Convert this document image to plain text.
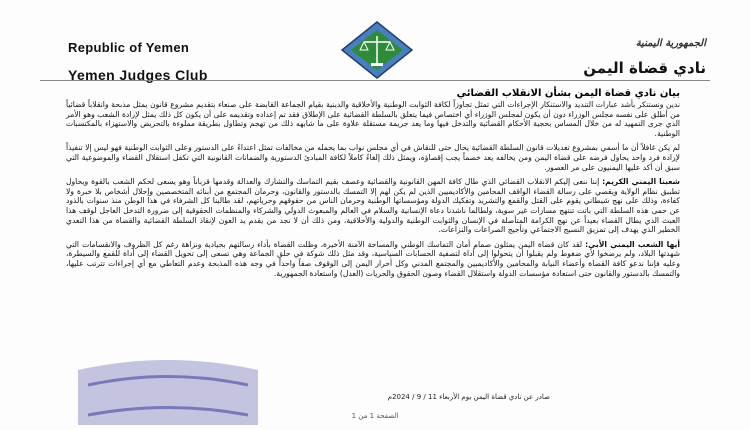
Republic of Yemen
Yemen Judges Club
الجمهورية اليمنية
نادي قضاة اليمن
بيان نادي قضاة اليمن بشأن الانقلاب القضائي

ندين ونستنكر بأشد عبارات التنديد والاستنكار الإجراءات التي تمثل تجاوزاً لكافة الثوابت الوطنية والأخلاقية والدينية بقيام الجماعة القابضة على صنعاء بتقديم مشروع قانون يمثل مذبحة وانقلاباً قضائياً من أطلق على نفسه مجلس الوزراء دون أن يكون لمجلس الوزراء أي اختصاص فيما يتعلق بالسلطة القضائية على الإطلاق فقد تم إعداده وتقديمه على أن يكون كل ذلك يمثل لإرادة الشعب وهو الأمر الذي جرى التمهيد له من خلال المساس بحجية الأحكام القضائية والتدخل فيها وما يعد جريمة مستقلة علاوة على ما شابهه ذلك من تهجم وتطاول بطريقة مملوءة بالتحريض والاستهزاء بالمكتسبات الوطنية.

لم يكن غافلاً أن ما أسمي بمشروع تعديلات قانون السلطة القضائية يحال حتى للنقاش في أي مجلس نواب بما يحمله من مخالفات تمثل اعتداءً على الدستور وعلى الثوابت الوطنية فهو ليس إلا تنفيذاً لإرادة فرد واحد يحاول فرضه على قضاة اليمن ومن يخالفه يعد خصماً يجب إقصاؤه، ويمثل ذلك إلغاءً كاملاً لكافة المبادئ الدستورية والضمانات القانونية التي تكفل استقلال القضاء والموضوعية التي سبق أن أكد عليها اليمنيون على مر العصور.

شعبنا اليمني الكريم: إننا ننعى إليكم الانقلاب القضائي الذي طال كافة المهن القانونية والقضائية وعصف بقيم التماسك والتشارك والعدالة وقدمها قرباناً وهو يسعى لحكم الشعب بالقوة ويحاول تطبيق نظام الولاية ويقصي على رسالة القضاء الواقف المحامين والأكاديميين الذين لم يكن لهم إلا التمسك بالدستور والقانون، وحرمان المجتمع من أبنائه المتخصصين وإحلال أشخاص بلا خبرة ولا كفاءة، وذلك على نهج شيطاني يقوم على القتل والقمع والتشريد وتفكيك الدولة ومؤسساتها الوطنية وحرمان الناس من حقوقهم وحرياتهم، لقد طالبنا كل الشرفاء في هذا الوطن منذ سنوات بالذود عن حمى هذه السلطة التي باتت تنتهج مسارات غير سوية، ولطالما ناشدنا دعاة الإنسانية والسلام في العالم والمبعوث الدولي والشركاء والمنظمات الحقوقية إلى ضرورة التدخل العاجل لوقف هذا العبث الذي يطال القضاء بعيداً عن نهج الكرامة المتأصلة في الإنسان والثوابت الوطنية والدولية والأخلاقية، ومن ذلك أن لا نجد من يقدم يد العون لإنقاذ السلطة القضائية والقضاة من هذا التعدي الخطير الذي يهدف إلى تمزيق النسيج الاجتماعي وتأجيج الصراعات والنزاعات.

أيها الشعب اليمني الأبي: لقد كان قضاة اليمن يمثلون صمام أمان التماسك الوطني والمساحة الآمنة الأخيرة، وظلت القضاة بأداء رسالتهم بحيادية ونزاهة رغم كل الظروف والانقسامات التي شهدتها البلاد، ولم يرضخوا لأي ضغوط ولم يقبلوا أن يتحولوا إلى أداة لتصفية الحسابات السياسية، وقد مثل ذلك شوكة في حلق الجماعة وهي تسعى إلى تحويل القضاء إلى أداة للقمع والسيطرة، وعليه فإننا ندعو كافة القضاة وأعضاء النيابة والمحامين والأكاديميين والمجتمع المدني وكل أحرار اليمن إلى الوقوف صفاً واحداً في وجه هذه المذبحة وعدم التعاطي مع أي إجراءات تترتب عليها، والتمسك بالدستور والقانون حتى استعادة مؤسسات الدولة واستقلال القضاء وصون الحقوق والحريات (العدل) واستعادة الجمهورية.

صادر عن نادي قضاة اليمن يوم الأربعاء 11 / 9 / 2024م
الصفحة 1 من 1
